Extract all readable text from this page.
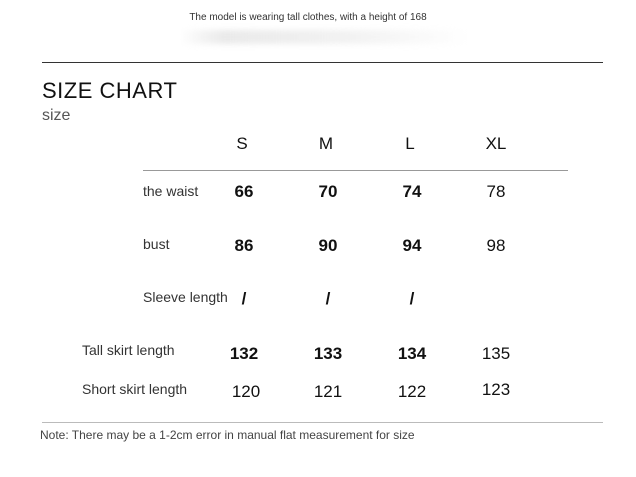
The model is wearing tall clothes, with a height of 168
SIZE CHART
size
S	M	L	XL
the waist	66	70	74	78
bust	86	90	94	98
Sleeve length /	/	/
Tall skirt length	132	133	134	135
Short skirt length	120	121	122	123
Note: There may be a 1-2cm error in manual flat measurement for size
